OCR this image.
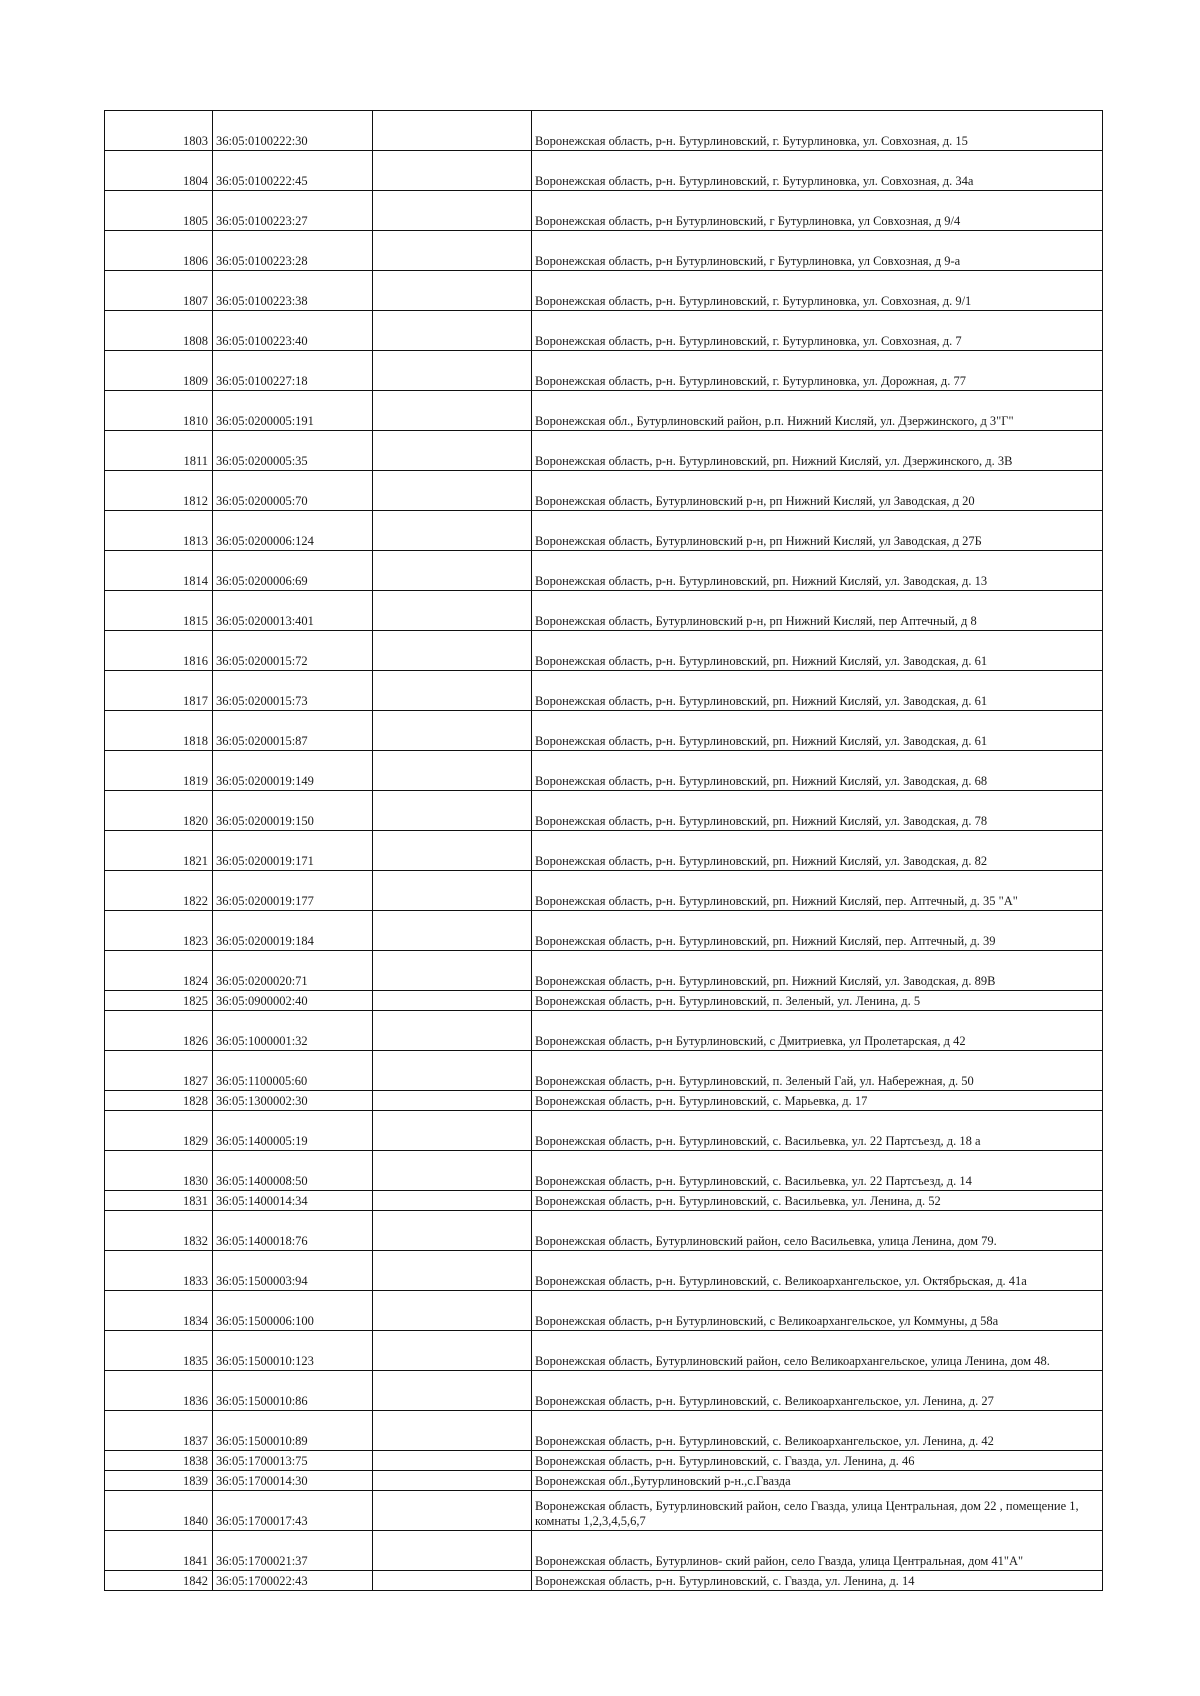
1803	36:05:0100222:30		Воронежская область, р-н. Бутурлиновский, г. Бутурлиновка, ул. Совхозная, д. 15
1804	36:05:0100222:45		Воронежская область, р-н. Бутурлиновский, г. Бутурлиновка, ул. Совхозная, д. 34а
1805	36:05:0100223:27		Воронежская область, р-н Бутурлиновский, г Бутурлиновка, ул Совхозная, д 9/4
1806	36:05:0100223:28		Воронежская область, р-н Бутурлиновский, г Бутурлиновка, ул Совхозная, д 9-а
1807	36:05:0100223:38		Воронежская область, р-н. Бутурлиновский, г. Бутурлиновка, ул. Совхозная, д. 9/1
1808	36:05:0100223:40		Воронежская область, р-н. Бутурлиновский, г. Бутурлиновка, ул. Совхозная, д. 7
1809	36:05:0100227:18		Воронежская область, р-н. Бутурлиновский, г. Бутурлиновка, ул. Дорожная, д. 77
1810	36:05:0200005:191		Воронежская обл., Бутурлиновский район, р.п. Нижний Кисляй, ул. Дзержинского, д 3"Г"
1811	36:05:0200005:35		Воронежская область, р-н. Бутурлиновский, рп. Нижний Кисляй, ул. Дзержинского, д. 3В
1812	36:05:0200005:70		Воронежская область, Бутурлиновский р-н, рп Нижний Кисляй, ул Заводская, д 20
1813	36:05:0200006:124		Воронежская область, Бутурлиновский р-н, рп Нижний Кисляй, ул Заводская, д 27Б
1814	36:05:0200006:69		Воронежская область, р-н. Бутурлиновский, рп. Нижний Кисляй, ул. Заводская, д. 13
1815	36:05:0200013:401		Воронежская область, Бутурлиновский р-н, рп Нижний Кисляй, пер Аптечный, д 8
1816	36:05:0200015:72		Воронежская область, р-н. Бутурлиновский, рп. Нижний Кисляй, ул. Заводская, д. 61
1817	36:05:0200015:73		Воронежская область, р-н. Бутурлиновский, рп. Нижний Кисляй, ул. Заводская, д. 61
1818	36:05:0200015:87		Воронежская область, р-н. Бутурлиновский, рп. Нижний Кисляй, ул. Заводская, д. 61
1819	36:05:0200019:149		Воронежская область, р-н. Бутурлиновский, рп. Нижний Кисляй, ул. Заводская, д. 68
1820	36:05:0200019:150		Воронежская область, р-н. Бутурлиновский, рп. Нижний Кисляй, ул. Заводская, д. 78
1821	36:05:0200019:171		Воронежская область, р-н. Бутурлиновский, рп. Нижний Кисляй, ул. Заводская, д. 82
1822	36:05:0200019:177		Воронежская область, р-н. Бутурлиновский, рп. Нижний Кисляй, пер. Аптечный, д. 35 "А"
1823	36:05:0200019:184		Воронежская область, р-н. Бутурлиновский, рп. Нижний Кисляй, пер. Аптечный, д. 39
1824	36:05:0200020:71		Воронежская область, р-н. Бутурлиновский, рп. Нижний Кисляй, ул. Заводская, д. 89В
1825	36:05:0900002:40		Воронежская область, р-н. Бутурлиновский, п. Зеленый, ул. Ленина, д. 5
1826	36:05:1000001:32		Воронежская область, р-н Бутурлиновский, с Дмитриевка, ул Пролетарская, д 42
1827	36:05:1100005:60		Воронежская область, р-н. Бутурлиновский, п. Зеленый Гай, ул. Набережная, д. 50
1828	36:05:1300002:30		Воронежская область, р-н. Бутурлиновский, с. Марьевка, д. 17
1829	36:05:1400005:19		Воронежская область, р-н. Бутурлиновский, с. Васильевка, ул. 22 Партсъезд, д. 18 а
1830	36:05:1400008:50		Воронежская область, р-н. Бутурлиновский, с. Васильевка, ул. 22 Партсъезд, д. 14
1831	36:05:1400014:34		Воронежская область, р-н. Бутурлиновский, с. Васильевка, ул. Ленина, д. 52
1832	36:05:1400018:76		Воронежская область, Бутурлиновский район, село Васильевка, улица Ленина, дом 79.
1833	36:05:1500003:94		Воронежская область, р-н. Бутурлиновский, с. Великоархангельское, ул. Октябрьская, д. 41а
1834	36:05:1500006:100		Воронежская область, р-н Бутурлиновский, с Великоархангельское, ул Коммуны, д 58а
1835	36:05:1500010:123		Воронежская область, Бутурлиновский район, село Великоархангельское, улица Ленина, дом 48.
1836	36:05:1500010:86		Воронежская область, р-н. Бутурлиновский, с. Великоархангельское, ул. Ленина, д. 27
1837	36:05:1500010:89		Воронежская область, р-н. Бутурлиновский, с. Великоархангельское, ул. Ленина, д. 42
1838	36:05:1700013:75		Воронежская область, р-н. Бутурлиновский, с. Гвазда, ул. Ленина, д. 46
1839	36:05:1700014:30		Воронежская обл.,Бутурлиновский р-н.,с.Гвазда
1840	36:05:1700017:43		Воронежская область, Бутурлиновский район, село Гвазда, улица Центральная, дом 22 , помещение 1, комнаты 1,2,3,4,5,6,7
1841	36:05:1700021:37		Воронежская область, Бутурлинов- ский район, село Гвазда, улица Центральная, дом 41"А"
1842	36:05:1700022:43		Воронежская область, р-н. Бутурлиновский, с. Гвазда, ул. Ленина, д. 14
